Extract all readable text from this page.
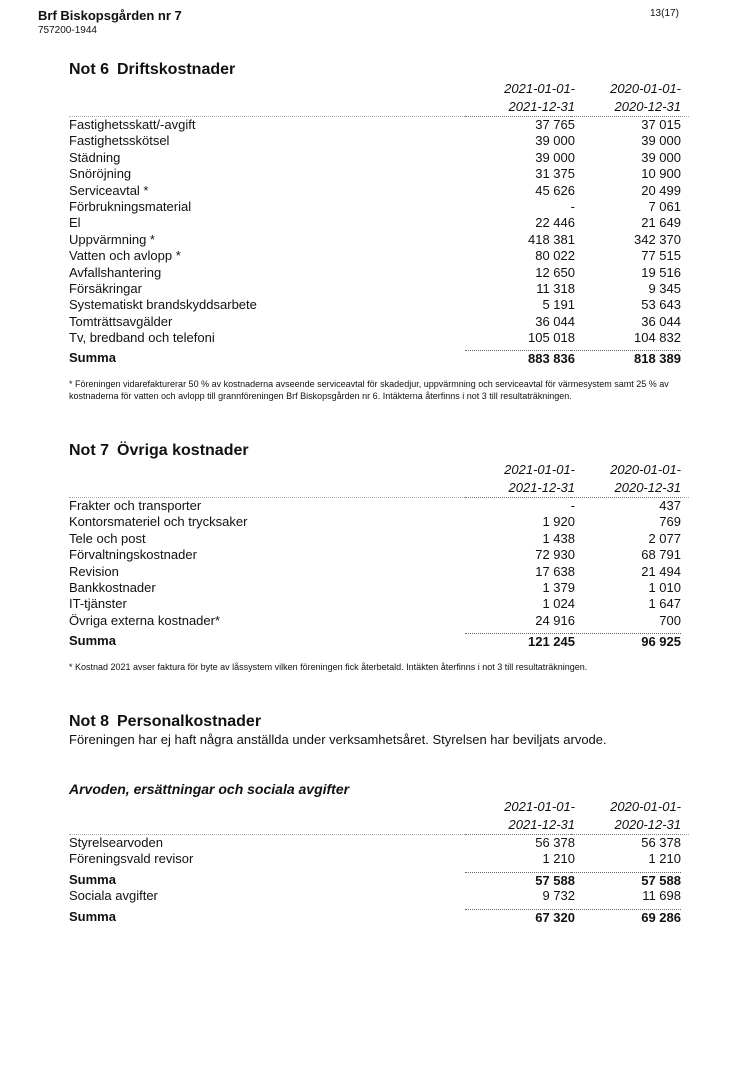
Brf Biskopsgården nr 7
757200-1944
13(17)
Not 6 Driftskostnader
2021-01-01-
2021-12-31
2020-01-01-
2020-12-31
Fastighetsskatt/-avgift	37 765	37 015
Fastighetsskötsel	39 000	39 000
Städning	39 000	39 000
Snöröjning	31 375	10 900
Serviceavtal *	45 626	20 499
Förbrukningsmaterial	-	7 061
El	22 446	21 649
Uppvärmning *	418 381	342 370
Vatten och avlopp *	80 022	77 515
Avfallshantering	12 650	19 516
Försäkringar	11 318	9 345
Systematiskt brandskyddsarbete	5 191	53 643
Tomträttsavgälder	36 044	36 044
Tv, bredband och telefoni	105 018	104 832
Summa	883 836	818 389
* Föreningen vidarefakturerar 50 % av kostnaderna avseende serviceavtal för skadedjur, uppvärmning och serviceavtal för värmesystem samt 25 % av kostnaderna för vatten och avlopp till grannföreningen Brf Biskopsgården nr 6. Intäkterna återfinns i not 3 till resultaträkningen.
Not 7 Övriga kostnader
2021-01-01-
2021-12-31
2020-01-01-
2020-12-31
Frakter och transporter	-	437
Kontorsmateriel och trycksaker	1 920	769
Tele och post	1 438	2 077
Förvaltningskostnader	72 930	68 791
Revision	17 638	21 494
Bankkostnader	1 379	1 010
IT-tjänster	1 024	1 647
Övriga externa kostnader*	24 916	700
Summa	121 245	96 925
* Kostnad 2021 avser faktura för byte av låssystem vilken föreningen fick återbetald. Intäkten återfinns i not 3 till resultaträkningen.
Not 8 Personalkostnader
Föreningen har ej haft några anställda under verksamhetsåret. Styrelsen har beviljats arvode.
Arvoden, ersättningar och sociala avgifter
2021-01-01-
2021-12-31
2020-01-01-
2020-12-31
Styrelsearvoden	56 378	56 378
Föreningsvald revisor	1 210	1 210
Summa	57 588	57 588
Sociala avgifter	9 732	11 698
Summa	67 320	69 286
